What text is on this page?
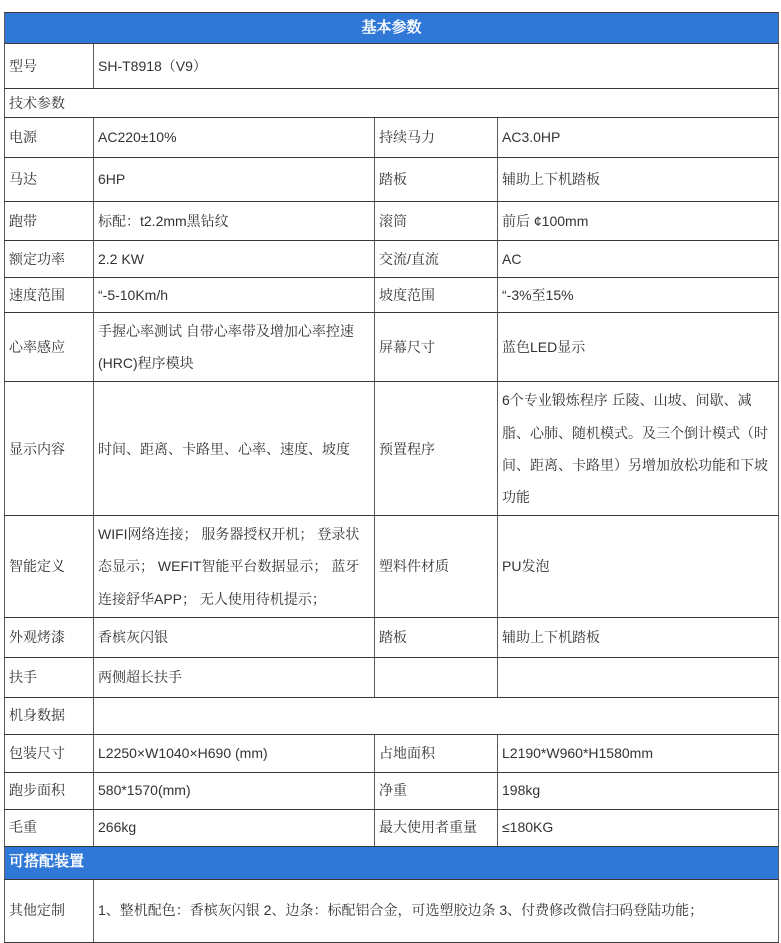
基本参数			
型号	SH-T8918（V9）		
技术参数			
电源	AC220±10%	持续马力	AC3.0HP
马达	6HP	踏板	辅助上下机踏板
跑带	标配：t2.2mm黑钻纹	滚筒	前后 ¢100mm
额定功率	2.2 KW	交流/直流	AC
速度范围	“-5-10Km/h	坡度范围	“-3%至15%
心率感应	手握心率测试 自带心率带及增加心率控速(HRC)程序模块	屏幕尺寸	蓝色LED显示
显示内容	时间、距离、卡路里、心率、速度、坡度	预置程序	6个专业锻炼程序 丘陵、山坡、间歇、减脂、心肺、随机模式。及三个倒计模式（时间、距离、卡路里）另增加放松功能和下坡功能
智能定义	WIFI网络连接； 服务器授权开机； 登录状态显示； WEFIT智能平台数据显示； 蓝牙连接舒华APP； 无人使用待机提示；	塑料件材质	PU发泡
外观烤漆	香槟灰闪银	踏板	辅助上下机踏板
扶手	两侧超长扶手		
机身数据			
包装尺寸	L2250×W1040×H690 (mm)	占地面积	L2190*W960*H1580mm
跑步面积	580*1570(mm)	净重	198kg
毛重	266kg	最大使用者重量	≤180KG
可搭配装置			
其他定制	1、整机配色：香槟灰闪银 2、边条：标配铝合金，可选塑胶边条 3、付费修改微信扫码登陆功能；		
